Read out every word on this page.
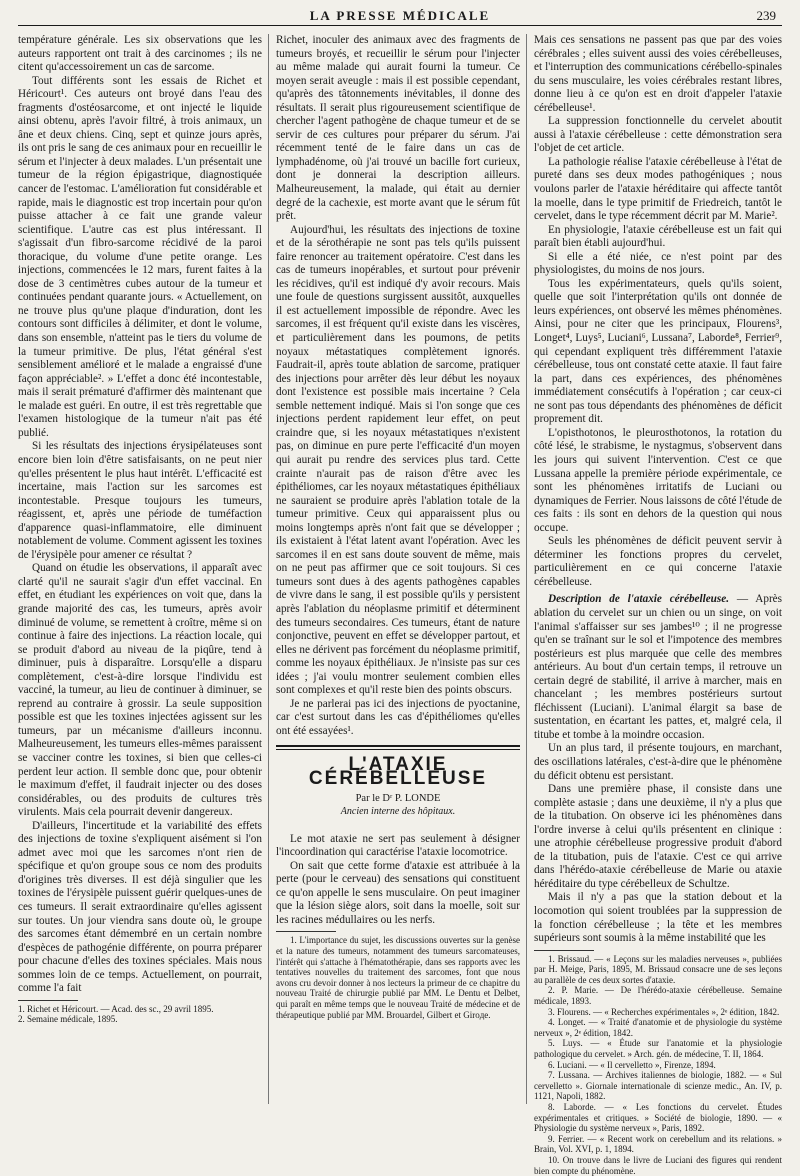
LA PRESSE MÉDICALE	239

température générale. Les six observations que les auteurs rapportent ont trait à des carcinomes ; ils ne citent qu'accessoirement un cas de sarcome.

Tout différents sont les essais de Richet et Héricourt¹. Ces auteurs ont broyé dans l'eau des fragments d'ostéosarcome, et ont injecté le liquide ainsi obtenu, après l'avoir filtré, à trois animaux, un âne et deux chiens. Cinq, sept et quinze jours après, ils ont pris le sang de ces animaux pour en recueillir le sérum et l'injecter à deux malades. L'un présentait une tumeur de la région épigastrique, diagnostiquée cancer de l'estomac. L'amélioration fut considérable et rapide, mais le diagnostic est trop incertain pour qu'on puisse attacher à ce fait une grande valeur scientifique. L'autre cas est plus intéressant. Il s'agissait d'un fibro-sarcome récidivé de la paroi thoracique, du volume d'une petite orange. Les injections, commencées le 12 mars, furent faites à la dose de 3 centimètres cubes autour de la tumeur et continuées pendant quarante jours. « Actuellement, on ne trouve plus qu'une plaque d'induration, dont les contours sont difficiles à délimiter, et dont le volume, dans son ensemble, n'atteint pas le tiers du volume de la tumeur primitive. De plus, l'état général s'est sensiblement amélioré et le malade a engraissé d'une façon appréciable². » L'effet a donc été incontestable, mais il serait prématuré d'affirmer dès maintenant que le malade est guéri. En outre, il est très regrettable que l'examen histologique de la tumeur n'ait pas été publié.

Si les résultats des injections érysipélateuses sont encore bien loin d'être satisfaisants, on ne peut nier qu'elles présentent le plus haut intérêt. L'efficacité est incertaine, mais l'action sur les sarcomes est incontestable. Presque toujours les tumeurs, réagissent, et, après une période de tuméfaction d'apparence quasi-inflammatoire, elle diminuent notablement de volume. Comment agissent les toxines de l'érysipèle pour amener ce résultat ?

Quand on étudie les observations, il apparaît avec clarté qu'il ne saurait s'agir d'un effet vaccinal. En effet, en étudiant les expériences on voit que, dans la grande majorité des cas, les tumeurs, après avoir diminué de volume, se remettent à croître, même si on continue à faire des injections. La réaction locale, qui se produit d'abord au niveau de la piqûre, tend à diminuer, puis à disparaître. Lorsqu'elle a disparu complètement, c'est-à-dire lorsque l'individu est vacciné, la tumeur, au lieu de continuer à diminuer, se reprend au contraire à grossir. La seule supposition possible est que les toxines injectées agissent sur les tumeurs, par un mécanisme d'ailleurs inconnu. Malheureusement, les tumeurs elles-mêmes paraissent se vacciner contre les toxines, si bien que celles-ci perdent leur action. Il semble donc que, pour obtenir le maximum d'effet, il faudrait injecter ou des doses considérables, ou des produits de cultures très virulents. Mais cela pourrait devenir dangereux.

D'ailleurs, l'incertitude et la variabilité des effets des injections de toxine s'expliquent aisément si l'on admet avec moi que les sarcomes n'ont rien de spécifique et qu'on groupe sous ce nom des produits d'origines très diverses. Il est déjà singulier que les toxines de l'érysipèle puissent guérir quelques-unes de ces tumeurs. Il serait extraordinaire qu'elles agissent sur toutes. Un jour viendra sans doute où, le groupe des sarcomes étant démembré en un certain nombre d'espèces de pathogénie différente, on pourra préparer pour chacune d'elles des toxines spéciales. Mais nous sommes loin de ce temps. Actuellement, on pourrait, comme l'a fait

1. Richet et Héricourt. — Acad. des sc., 29 avril 1895.

2. Semaine médicale, 1895.

Richet, inoculer des animaux avec des fragments de tumeurs broyés, et recueillir le sérum pour l'injecter au même malade qui aurait fourni la tumeur. Ce moyen serait aveugle : mais il est possible cependant, qu'après des tâtonnements inévitables, il donne des résultats. Il serait plus rigoureusement scientifique de chercher l'agent pathogène de chaque tumeur et de se servir de ces cultures pour préparer du sérum. J'ai récemment tenté de le faire dans un cas de lymphadénome, où j'ai trouvé un bacille fort curieux, dont je donnerai la description ailleurs. Malheureusement, la malade, qui était au dernier degré de la cachexie, est morte avant que le sérum fût prêt.

Aujourd'hui, les résultats des injections de toxine et de la sérothérapie ne sont pas tels qu'ils puissent faire renoncer au traitement opératoire. C'est dans les cas de tumeurs inopérables, et surtout pour prévenir les récidives, qu'il est indiqué d'y avoir recours. Mais une foule de questions surgissent aussitôt, auxquelles il est actuellement impossible de répondre. Avec les sarcomes, il est fréquent qu'il existe dans les viscères, et particulièrement dans les poumons, de petits noyaux métastatiques complètement ignorés. Faudrait-il, après toute ablation de sarcome, pratiquer des injections pour arrêter dès leur début les noyaux dont l'existence est possible mais incertaine ? Cela semble nettement indiqué. Mais si l'on songe que ces injections perdent rapidement leur effet, on peut craindre que, si les noyaux métastatiques n'existent pas, on diminue en pure perte l'efficacité d'un moyen qui aurait pu rendre des services plus tard. Cette crainte n'aurait pas de raison d'être avec les épithéliomes, car les noyaux métastatiques épithéliaux ne sauraient se produire après l'ablation totale de la tumeur primitive. Ceux qui apparaissent plus ou moins longtemps après n'ont fait que se développer ; ils existaient à l'état latent avant l'opération. Avec les sarcomes il en est sans doute souvent de même, mais on ne peut pas affirmer que ce soit toujours. Si ces tumeurs sont dues à des agents pathogènes capables de vivre dans le sang, il est possible qu'ils y persistent après l'ablation du néoplasme primitif et déterminent des tumeurs secondaires. Ces tumeurs, étant de nature conjonctive, peuvent en effet se développer partout, et elles ne dérivent pas forcément du néoplasme primitif, comme les noyaux épithéliaux. Je n'insiste pas sur ces idées ; j'ai voulu montrer seulement combien elles sont complexes et qu'il reste bien des points obscurs.

Je ne parlerai pas ici des injections de pyoctanine, car c'est surtout dans les cas d'épithéliomes qu'elles ont été essayées¹.

L'ATAXIE CÉRÉBELLEUSE

Par le Dʳ P. LONDE

Ancien interne des hôpitaux.

Le mot ataxie ne sert pas seulement à désigner l'incoordination qui caractérise l'ataxie locomotrice.

On sait que cette forme d'ataxie est attribuée à la perte (pour le cerveau) des sensations qui constituent ce qu'on appelle le sens musculaire. On peut imaginer que la lésion siège alors, soit dans la moelle, soit sur les racines médullaires ou les nerfs.

1. L'importance du sujet, les discussions ouvertes sur la genèse et la nature des tumeurs, notamment des tumeurs sarcomateuses, l'intérêt qui s'attache à l'hématothérapie, dans ses rapports avec les tentatives nouvelles du traitement des sarcomes, font que nous avons cru devoir donner à nos lecteurs la primeur de ce chapitre du nouveau Traité de chirurgie publié par MM. Le Dentu et Delbet, qui paraît en même temps que le nouveau Traité de médecine et de thérapeutique publié par MM. Brouardel, Gilbert et Giroде.

Mais ces sensations ne passent pas que par des voies cérébrales ; elles suivent aussi des voies cérébelleuses, et l'interruption des communications cérébello-spinales du sens musculaire, les voies cérébrales restant libres, donne lieu à ce qu'on est en droit d'appeler l'ataxie cérébelleuse¹.

La suppression fonctionnelle du cervelet aboutit aussi à l'ataxie cérébelleuse : cette démonstration sera l'objet de cet article.

La pathologie réalise l'ataxie cérébelleuse à l'état de pureté dans ses deux modes pathogéniques ; nous voulons parler de l'ataxie héréditaire qui affecte tantôt la moelle, dans le type primitif de Friedreich, tantôt le cervelet, dans le type récemment décrit par M. Marie².

En physiologie, l'ataxie cérébelleuse est un fait qui paraît bien établi aujourd'hui.

Si elle a été niée, ce n'est point par des physiologistes, du moins de nos jours.

Tous les expérimentateurs, quels qu'ils soient, quelle que soit l'interprétation qu'ils ont donnée de leurs expériences, ont observé les mêmes phénomènes. Ainsi, pour ne citer que les principaux, Flourens³, Longet⁴, Luys⁵, Luciani⁶, Lussana⁷, Laborde⁸, Ferrier⁹, qui cependant expliquent très différemment l'ataxie cérébelleuse, tous ont constaté cette ataxie. Il faut faire la part, dans ces expériences, des phénomènes immédiatement consécutifs à l'opération ; car ceux-ci ne sont pas tous dépendants des phénomènes de déficit proprement dit.

L'opisthotonos, le pleurosthotonos, la rotation du côté lésé, le strabisme, le nystagmus, s'observent dans les jours qui suivent l'intervention. C'est ce que Lussana appelle la première période expérimentale, ce sont les phénomènes irritatifs de Luciani ou dynamiques de Ferrier. Nous laissons de côté l'étude de ces faits : ils sont en dehors de la question qui nous occupe.

Seuls les phénomènes de déficit peuvent servir à déterminer les fonctions propres du cervelet, particulièrement en ce qui concerne l'ataxie cérébelleuse.

Description de l'ataxie cérébelleuse. — Après ablation du cervelet sur un chien ou un singe, on voit l'animal s'affaisser sur ses jambes¹⁰ ; il ne progresse qu'en se traînant sur le sol et l'impotence des membres postérieurs est plus marquée que celle des membres antérieurs. Au bout d'un certain temps, il retrouve un certain degré de stabilité, il arrive à marcher, mais en chancelant ; les membres postérieurs surtout fléchissent (Luciani). L'animal élargit sa base de sustentation, en écartant les pattes, et, malgré cela, il titube et tombe à la moindre occasion.

Un an plus tard, il présente toujours, en marchant, des oscillations latérales, c'est-à-dire que le phénomène du déficit obtenu est persistant.

Dans une première phase, il consiste dans une complète astasie ; dans une deuxième, il n'y a plus que de la titubation. On observe ici les phénomènes dans l'ordre inverse à celui qu'ils présentent en clinique : une atrophie cérébelleuse progressive produit d'abord de la titubation, puis de l'ataxie. C'est ce qui arrive dans l'hérédo-ataxie cérébelleuse de Marie ou ataxie héréditaire du type cérébelleux de Schultze.

Mais il n'y a pas que la station debout et la locomotion qui soient troublées par la suppression de la fonction cérébelleuse ; la tête et les membres supérieurs sont soumis à la même instabilité que les

1. Brissaud. — « Leçons sur les maladies nerveuses », publiées par H. Meige, Paris, 1895, M. Brissaud consacre une de ses leçons au parallèle de ces deux sortes d'ataxie.

2. P. Marie. — De l'hérédo-ataxie cérébelleuse. Semaine médicale, 1893.

3. Flourens. — « Recherches expérimentales », 2ᵉ édition, 1842.

4. Longet. — « Traité d'anatomie et de physiologie du système nerveux », 2ᵉ édition, 1842.

5. Luys. — « Étude sur l'anatomie et la physiologie pathologique du cervelet. » Arch. gén. de médecine, T. II, 1864.

6. Luciani. — « Il cervelletto », Firenze, 1894.

7. Lussana. — Archives italiennes de biologie, 1882. — « Sul cervelletto ». Giornale internationale di scienze medic., An. IV, p. 1121, Napoli, 1882.

8. Laborde. — « Les fonctions du cervelet. Études expérimentales et critiques. » Société de biologie, 1890. — « Physiologie du système nerveux », Paris, 1892.

9. Ferrier. — « Recent work on cerebellum and its relations. » Brain, Vol. XVI, p. 1, 1894.

10. On trouve dans le livre de Luciani des figures qui rendent bien compte du phénomène.
